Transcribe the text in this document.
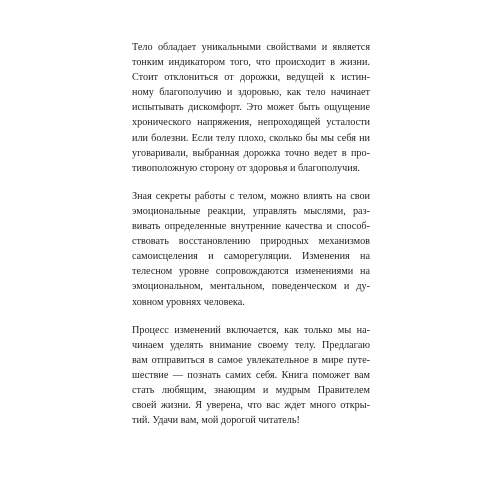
Тело обладает уникальными свойствами и является
тонким индикатором того, что происходит в жизни.
Стоит отклониться от дорожки, ведущей к истин-
ному благополучию и здоровью, как тело начинает
испытывать дискомфорт. Это может быть ощущение
хронического напряжения, непроходящей усталости
или болезни. Если телу плохо, сколько бы мы себя ни
уговаривали, выбранная дорожка точно ведет в про-
тивоположную сторону от здоровья и благополучия.

Зная секреты работы с телом, можно влиять на свои
эмоциональные реакции, управлять мыслями, раз-
вивать определенные внутренние качества и способ-
ствовать восстановлению природных механизмов
самоисцеления и саморегуляции. Изменения на
телесном уровне сопровождаются изменениями на
эмоциональном, ментальном, поведенческом и ду-
ховном уровнях человека.

Процесс изменений включается, как только мы на-
чинаем уделять внимание своему телу. Предлагаю
вам отправиться в самое увлекательное в мире путе-
шествие — познать самих себя. Книга поможет вам
стать любящим, знающим и мудрым Правителем
своей жизни. Я уверена, что вас ждет много откры-
тий. Удачи вам, мой дорогой читатель!
